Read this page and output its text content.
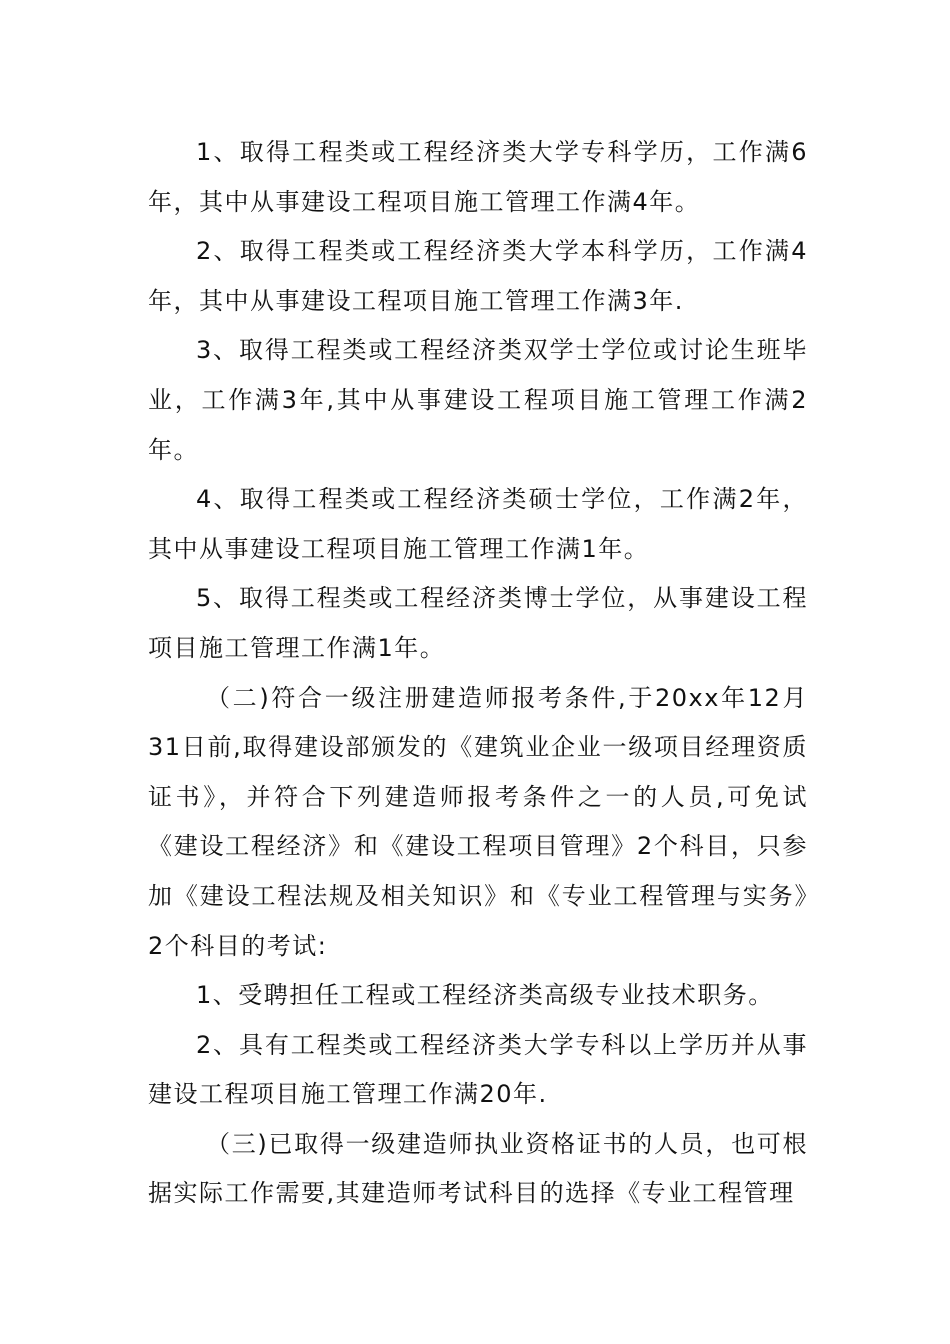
1、取得工程类或工程经济类大学专科学历，工作满6年，其中从事建设工程项目施工管理工作满4年。

2、取得工程类或工程经济类大学本科学历，工作满4年，其中从事建设工程项目施工管理工作满3年.

3、取得工程类或工程经济类双学士学位或讨论生班毕业，工作满3年,其中从事建设工程项目施工管理工作满2年。

4、取得工程类或工程经济类硕士学位，工作满2年，其中从事建设工程项目施工管理工作满1年。

5、取得工程类或工程经济类博士学位，从事建设工程项目施工管理工作满1年。

（二)符合一级注册建造师报考条件,于20xx年12月31日前,取得建设部颁发的《建筑业企业一级项目经理资质证书》，并符合下列建造师报考条件之一的人员,可免试《建设工程经济》和《建设工程项目管理》2个科目，只参加《建设工程法规及相关知识》和《专业工程管理与实务》2个科目的考试:

1、受聘担任工程或工程经济类高级专业技术职务。

2、具有工程类或工程经济类大学专科以上学历并从事建设工程项目施工管理工作满20年.

（三)已取得一级建造师执业资格证书的人员，也可根据实际工作需要,其建造师考试科目的选择《专业工程管理
